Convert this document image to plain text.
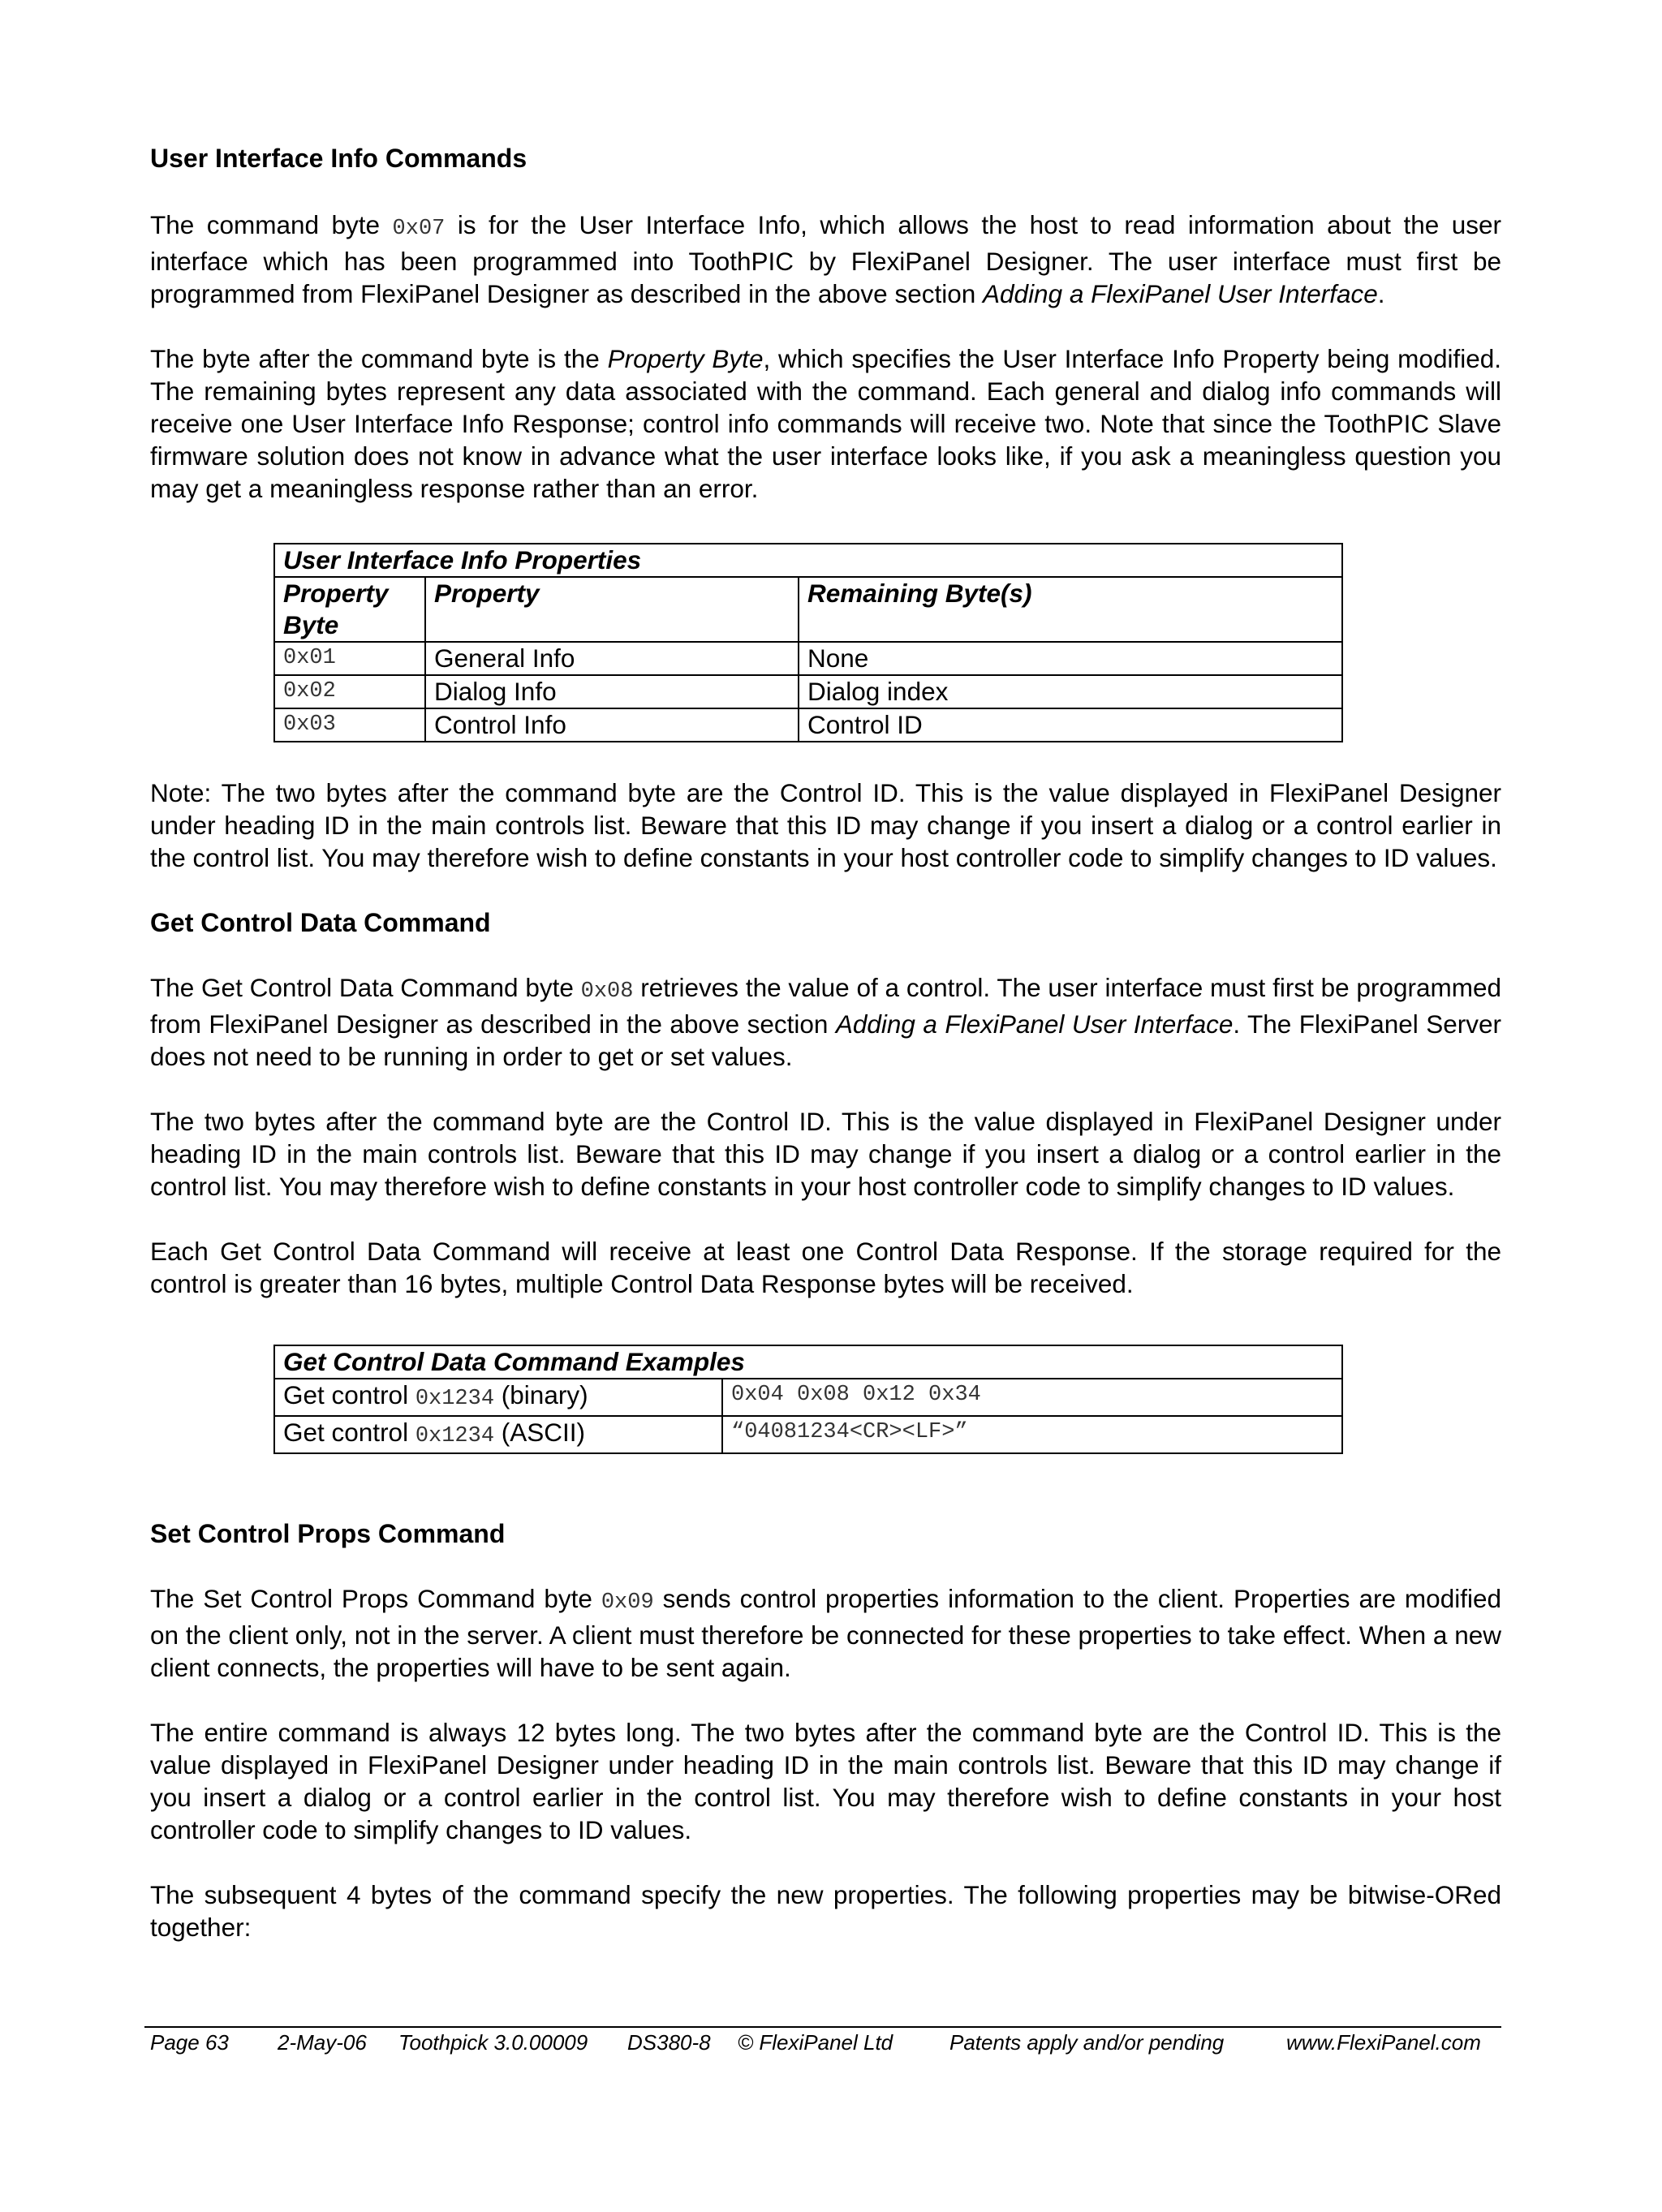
User Interface Info Commands

The command byte 0x07 is for the User Interface Info, which allows the host to read information about the user interface which has been programmed into ToothPIC by FlexiPanel Designer. The user interface must first be programmed from FlexiPanel Designer as described in the above section Adding a FlexiPanel User Interface.

The byte after the command byte is the Property Byte, which specifies the User Interface Info Property being modified. The remaining bytes represent any data associated with the command. Each general and dialog info commands will receive one User Interface Info Response; control info commands will receive two. Note that since the ToothPIC Slave firmware solution does not know in advance what the user interface looks like, if you ask a meaningless question you may get a meaningless response rather than an error.

User Interface Info Properties		
Property Byte	Property	Remaining Byte(s)
0x01	General Info	None
0x02	Dialog Info	Dialog index
0x03	Control Info	Control ID

Note: The two bytes after the command byte are the Control ID. This is the value displayed in FlexiPanel Designer under heading ID in the main controls list. Beware that this ID may change if you insert a dialog or a control earlier in the control list. You may therefore wish to define constants in your host controller code to simplify changes to ID values.

Get Control Data Command

The Get Control Data Command byte 0x08 retrieves the value of a control. The user interface must first be programmed from FlexiPanel Designer as described in the above section Adding a FlexiPanel User Interface. The FlexiPanel Server does not need to be running in order to get or set values.

The two bytes after the command byte are the Control ID. This is the value displayed in FlexiPanel Designer under heading ID in the main controls list. Beware that this ID may change if you insert a dialog or a control earlier in the control list. You may therefore wish to define constants in your host controller code to simplify changes to ID values.

Each Get Control Data Command will receive at least one Control Data Response. If the storage required for the control is greater than 16 bytes, multiple Control Data Response bytes will be received.

Get Control Data Command Examples	
Get control 0x1234 (binary)	0x04 0x08 0x12 0x34
Get control 0x1234 (ASCII)	“04081234<CR><LF>”
Set Control Props Command

The Set Control Props Command byte 0x09 sends control properties information to the client. Properties are modified on the client only, not in the server. A client must therefore be connected for these properties to take effect. When a new client connects, the properties will have to be sent again.

The entire command is always 12 bytes long. The two bytes after the command byte are the Control ID. This is the value displayed in FlexiPanel Designer under heading ID in the main controls list. Beware that this ID may change if you insert a dialog or a control earlier in the control list. You may therefore wish to define constants in your host controller code to simplify changes to ID values.

The subsequent 4 bytes of the command specify the new properties. The following properties may be bitwise-ORed together:

Page 63 2-May-06 Toothpick 3.0.00009 DS380-8 © FlexiPanel Ltd	Patents apply and/or pending	www.FlexiPanel.com
